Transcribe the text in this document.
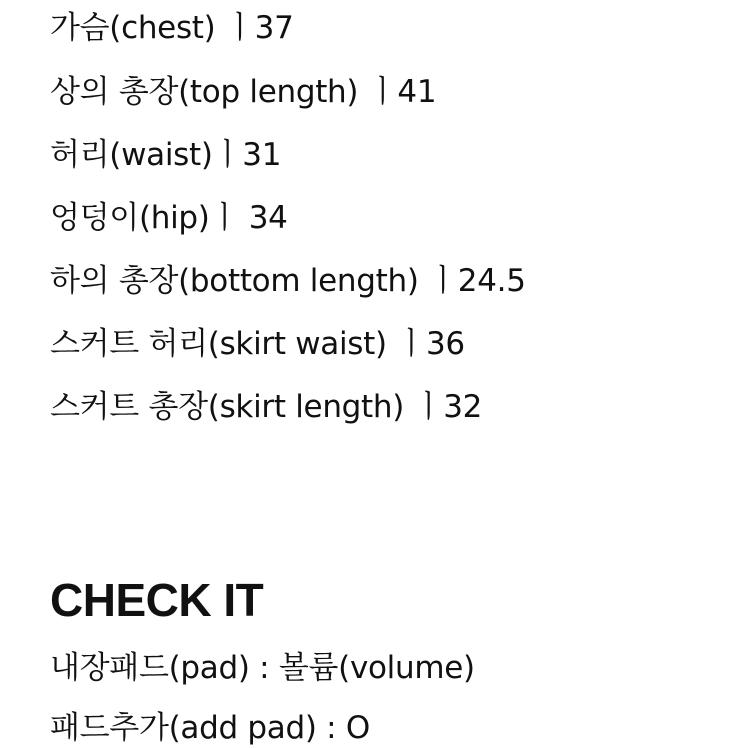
가슴(chest) ㅣ37
상의 총장(top length) ㅣ41
허리(waist)ㅣ31
엉덩이(hip)ㅣ 34
하의 총장(bottom length) ㅣ24.5
스커트 허리(skirt waist) ㅣ36
스커트 총장(skirt length) ㅣ32
CHECK IT
내장패드(pad) : 볼륨(volume)
패드추가(add pad) : O
